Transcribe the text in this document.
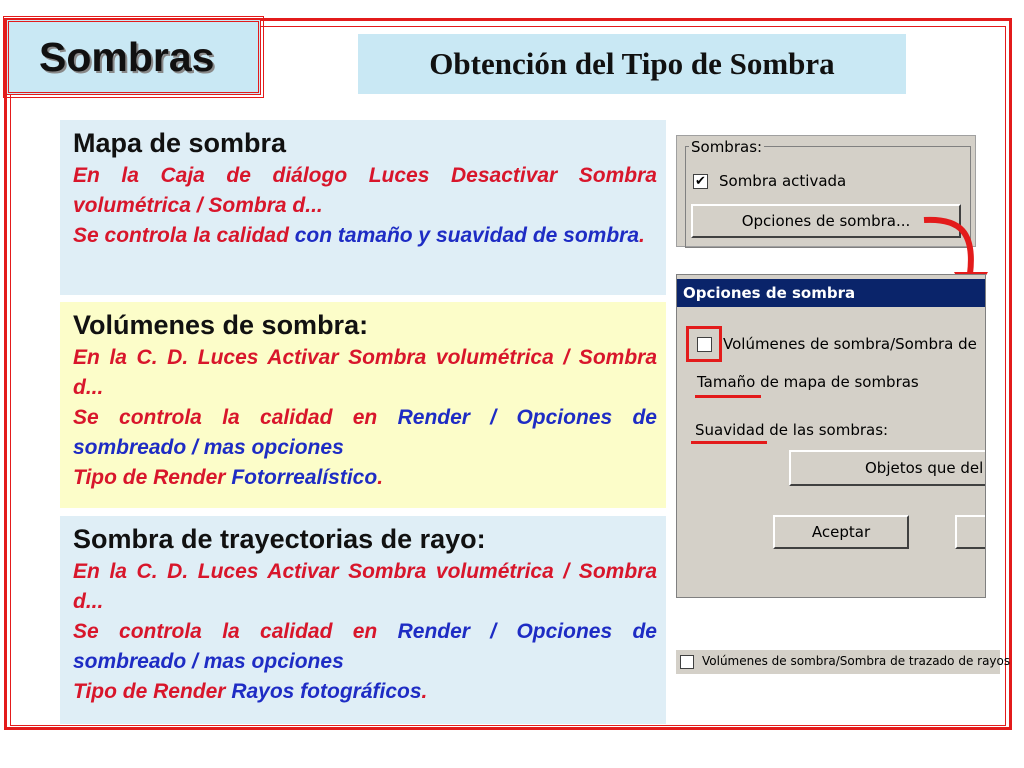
Sombras	Obtención del Tipo de Sombra
Mapa de sombra

En la Caja de diálogo Luces Desactivar Sombra volumétrica / Sombra d...

Se controla la calidad con tamaño y suavidad de sombra.

Volúmenes de sombra:

En la C. D. Luces Activar Sombra volumétrica / Sombra d...

Se controla la calidad en Render / Opciones de sombreado / mas opciones

Tipo de Render Fotorrealístico.

Sombra de trayectorias de rayo:

En la C. D. Luces Activar Sombra volumétrica / Sombra d...

Se controla la calidad en Render / Opciones de sombreado / mas opciones

Tipo de Render Rayos fotográficos.

Sombras:
✔ Sombra activada
Opciones de sombra...
Opciones de sombra
Volúmenes de sombra/Sombra de
Tamaño de mapa de sombras
Suavidad de las sombras:
Objetos que del
Aceptar
Volúmenes de sombra/Sombra de trazado de rayos
